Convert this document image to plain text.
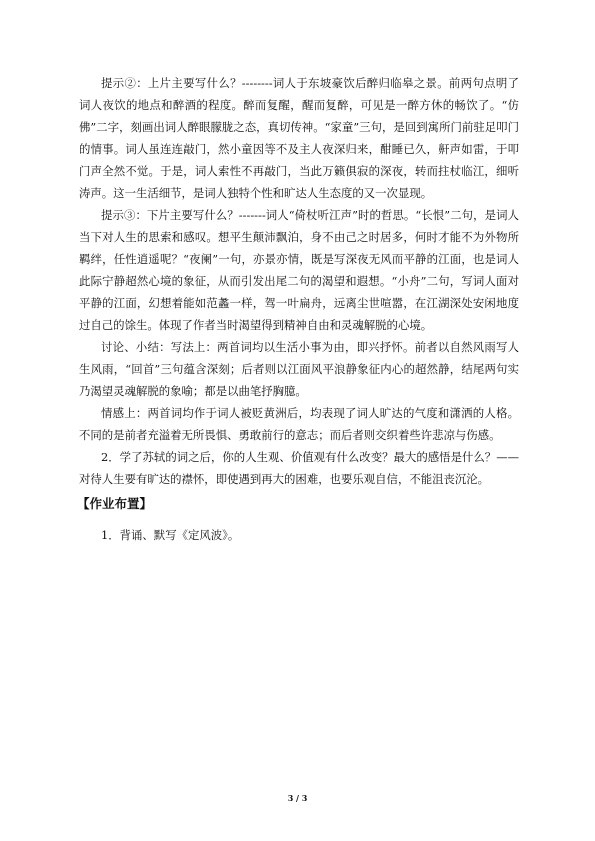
提示②：上片主要写什么？--------词人于东坡豪饮后醉归临皋之景。前两句点明了词人夜饮的地点和醉酒的程度。醉而复醒，醒而复醉，可见是一醉方休的畅饮了。“仿佛”二字，刻画出词人醉眼朦胧之态，真切传神。“家童”三句，是回到寓所门前驻足叩门的情事。词人虽连连敲门，然小童因等不及主人夜深归来，酣睡已久，鼾声如雷，于叩门声全然不觉。于是，词人索性不再敲门，当此万籁俱寂的深夜，转而拄杖临江，细听涛声。这一生活细节，是词人独特个性和旷达人生态度的又一次显现。

提示③：下片主要写什么？-------词人“倚杖听江声”时的哲思。“长恨”二句，是词人当下对人生的思索和感叹。想平生颠沛飘泊，身不由己之时居多，何时才能不为外物所羁绊，任性逍遥呢？“夜阑”一句，亦景亦情，既是写深夜无风而平静的江面，也是词人此际宁静超然心境的象征，从而引发出尾二句的渴望和遐想。“小舟”二句，写词人面对平静的江面，幻想着能如范蠡一样，驾一叶扁舟，远离尘世喧嚣，在江湖深处安闲地度过自己的馀生。体现了作者当时渴望得到精神自由和灵魂解脱的心境。

讨论、小结：写法上：两首词均以生活小事为由，即兴抒怀。前者以自然风雨写人生风雨，“回首”三句蕴含深刻；后者则以江面风平浪静象征内心的超然静，结尾两句实乃渴望灵魂解脱的象喻；都是以曲笔抒胸臆。

情感上：两首词均作于词人被贬黄洲后，均表现了词人旷达的气度和潇洒的人格。不同的是前者充溢着无所畏惧、勇敢前行的意志；而后者则交织着些许悲凉与伤感。

2．学了苏轼的词之后，你的人生观、价值观有什么改变？最大的感悟是什么？——对待人生要有旷达的襟怀，即使遇到再大的困难，也要乐观自信，不能沮丧沉沦。

【作业布置】

1．背诵、默写《定风波》。

3 / 3
